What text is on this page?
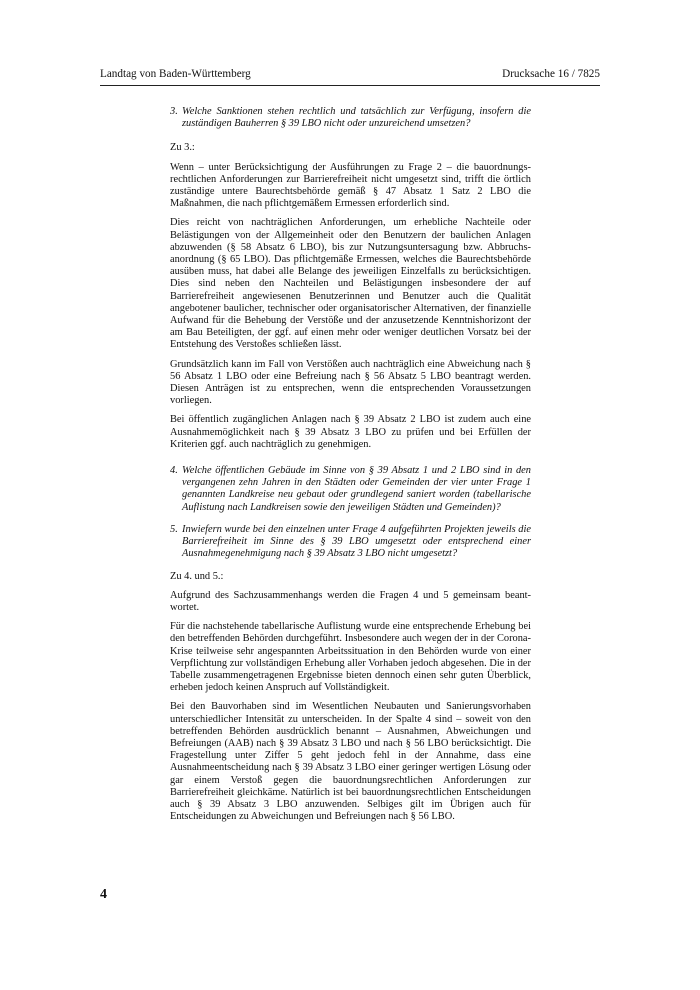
Landtag von Baden-Württemberg	Drucksache 16 / 7825
3. Welche Sanktionen stehen rechtlich und tatsächlich zur Verfügung, insofern die zuständigen Bauherren § 39 LBO nicht oder unzureichend umsetzen?

Zu 3.:

Wenn – unter Berücksichtigung der Ausführungen zu Frage 2 – die bauordnungsrechtlichen Anforderungen zur Barrierefreiheit nicht umgesetzt sind, trifft die örtlich zuständige untere Baurechtsbehörde gemäß § 47 Absatz 1 Satz 2 LBO die Maßnahmen, die nach pflichtgemäßem Ermessen erforderlich sind.

Dies reicht von nachträglichen Anforderungen, um erhebliche Nachteile oder Belästigungen von der Allgemeinheit oder den Benutzern der baulichen Anlagen abzuwenden (§ 58 Absatz 6 LBO), bis zur Nutzungsuntersagung bzw. Abbruchsanordnung (§ 65 LBO). Das pflichtgemäße Ermessen, welches die Baurechtsbehörde ausüben muss, hat dabei alle Belange des jeweiligen Einzelfalls zu berücksichtigen. Dies sind neben den Nachteilen und Belästigungen insbesondere der auf Barrierefreiheit angewiesenen Benutzerinnen und Benutzer auch die Qualität angebotener baulicher, technischer oder organisatorischer Alternativen, der finanzielle Aufwand für die Behebung der Verstöße und der anzusetzende Kenntnishorizont der am Bau Beteiligten, der ggf. auf einen mehr oder weniger deutlichen Vorsatz bei der Entstehung des Verstoßes schließen lässt.

Grundsätzlich kann im Fall von Verstößen auch nachträglich eine Abweichung nach § 56 Absatz 1 LBO oder eine Befreiung nach § 56 Absatz 5 LBO beantragt werden. Diesen Anträgen ist zu entsprechen, wenn die entsprechenden Voraussetzungen vorliegen.

Bei öffentlich zugänglichen Anlagen nach § 39 Absatz 2 LBO ist zudem auch eine Ausnahmemöglichkeit nach § 39 Absatz 3 LBO zu prüfen und bei Erfüllen der Kriterien ggf. auch nachträglich zu genehmigen.

4. Welche öffentlichen Gebäude im Sinne von § 39 Absatz 1 und 2 LBO sind in den vergangenen zehn Jahren in den Städten oder Gemeinden der vier unter Frage 1 genannten Landkreise neu gebaut oder grundlegend saniert worden (tabellarische Auflistung nach Landkreisen sowie den jeweiligen Städten und Gemeinden)?
5. Inwiefern wurde bei den einzelnen unter Frage 4 aufgeführten Projekten jeweils die Barrierefreiheit im Sinne des § 39 LBO umgesetzt oder entsprechend einer Ausnahmegenehmigung nach § 39 Absatz 3 LBO nicht umgesetzt?

Zu 4. und 5.:

Aufgrund des Sachzusammenhangs werden die Fragen 4 und 5 gemeinsam beantwortet.

Für die nachstehende tabellarische Auflistung wurde eine entsprechende Erhebung bei den betreffenden Behörden durchgeführt. Insbesondere auch wegen der in der Corona-Krise teilweise sehr angespannten Arbeitssituation in den Behörden wurde von einer Verpflichtung zur vollständigen Erhebung aller Vorhaben jedoch abgesehen. Die in der Tabelle zusammengetragenen Ergebnisse bieten dennoch einen sehr guten Überblick, erheben jedoch keinen Anspruch auf Vollständigkeit.

Bei den Bauvorhaben sind im Wesentlichen Neubauten und Sanierungsvorhaben unterschiedlicher Intensität zu unterscheiden. In der Spalte 4 sind – soweit von den betreffenden Behörden ausdrücklich benannt – Ausnahmen, Abweichungen und Befreiungen (AAB) nach § 39 Absatz 3 LBO und nach § 56 LBO berücksichtigt. Die Fragestellung unter Ziffer 5 geht jedoch fehl in der Annahme, dass eine Ausnahmeentscheidung nach § 39 Absatz 3 LBO einer geringer wertigen Lösung oder gar einem Verstoß gegen die bauordnungsrechtlichen Anforderungen zur Barrierefreiheit gleichkäme. Natürlich ist bei bauordnungsrechtlichen Entscheidungen auch § 39 Absatz 3 LBO anzuwenden. Selbiges gilt im Übrigen auch für Entscheidungen zu Abweichungen und Befreiungen nach § 56 LBO.

4
